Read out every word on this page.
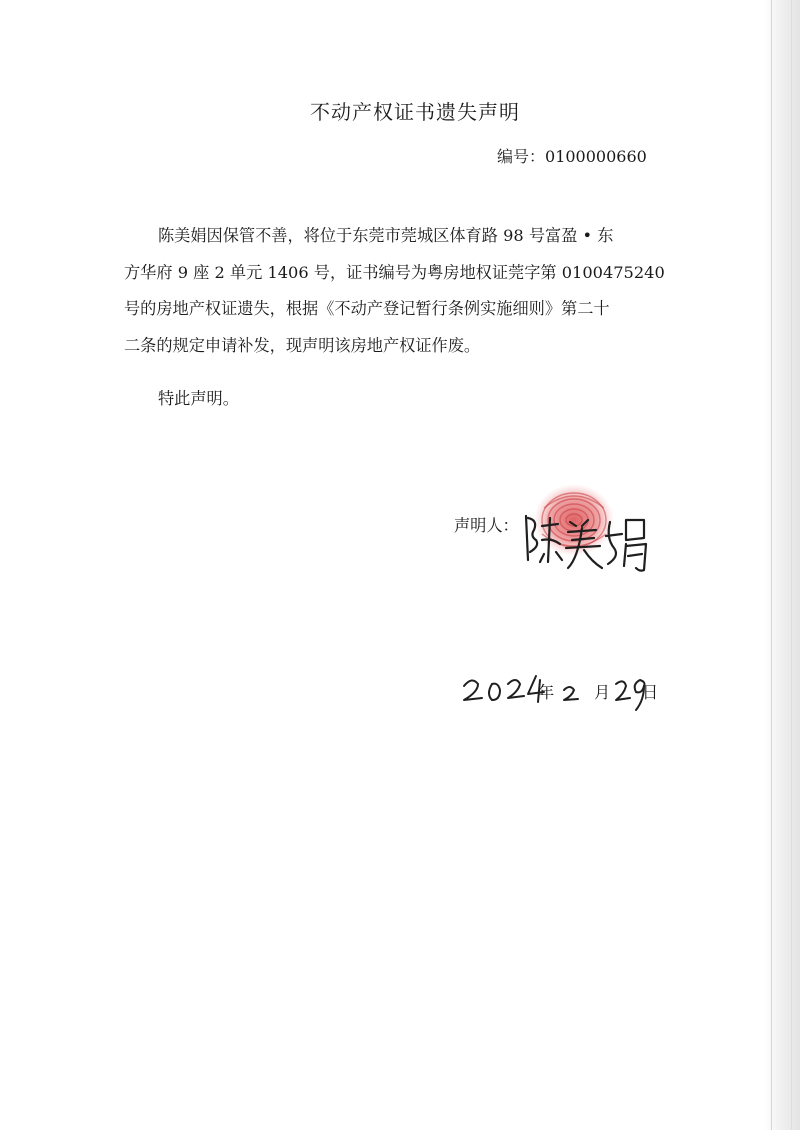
不动产权证书遗失声明
编号：0100000660
陈美娟因保管不善，将位于东莞市莞城区体育路 98 号富盈 • 东
方华府 9 座 2 单元 1406 号，证书编号为粤房地权证莞字第 0100475240
号的房地产权证遗失，根据《不动产登记暂行条例实施细则》第二十
二条的规定申请补发，现声明该房地产权证作废。
特此声明。
声明人：
年 月 日
